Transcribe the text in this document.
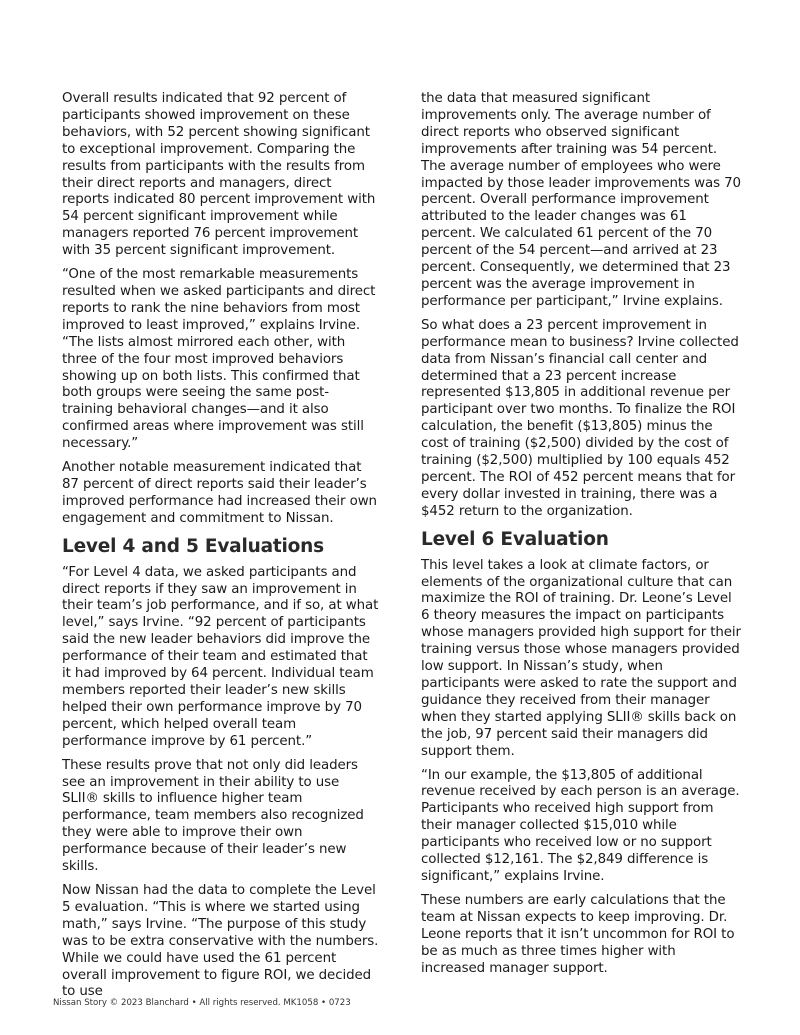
Overall results indicated that 92 percent of participants showed improvement on these behaviors, with 52 percent showing significant to exceptional improvement. Comparing the results from participants with the results from their direct reports and managers, direct reports indicated 80 percent improvement with 54 percent significant improvement while managers reported 76 percent improvement with 35 percent significant improvement.

“One of the most remarkable measurements resulted when we asked participants and direct reports to rank the nine behaviors from most improved to least improved,” explains Irvine. “The lists almost mirrored each other, with three of the four most improved behaviors showing up on both lists. This confirmed that both groups were seeing the same post-training behavioral changes—and it also confirmed areas where improvement was still necessary.”

Another notable measurement indicated that 87 percent of direct reports said their leader’s improved performance had increased their own engagement and commitment to Nissan.

Level 4 and 5 Evaluations

“For Level 4 data, we asked participants and direct reports if they saw an improvement in their team’s job performance, and if so, at what level,” says Irvine. “92 percent of participants said the new leader behaviors did improve the performance of their team and estimated that it had improved by 64 percent. Individual team members reported their leader’s new skills helped their own performance improve by 70 percent, which helped overall team performance improve by 61 percent.”

These results prove that not only did leaders see an improvement in their ability to use SLII® skills to influence higher team performance, team members also recognized they were able to improve their own performance because of their leader’s new skills.

Now Nissan had the data to complete the Level 5 evaluation. “This is where we started using math,” says Irvine. “The purpose of this study was to be extra conservative with the numbers. While we could have used the 61 percent overall improvement to figure ROI, we decided to use

the data that measured significant improvements only. The average number of direct reports who observed significant improvements after training was 54 percent. The average number of employees who were impacted by those leader improvements was 70 percent. Overall performance improvement attributed to the leader changes was 61 percent. We calculated 61 percent of the 70 percent of the 54 percent—and arrived at 23 percent. Consequently, we determined that 23 percent was the average improvement in performance per participant,” Irvine explains.

So what does a 23 percent improvement in performance mean to business? Irvine collected data from Nissan’s financial call center and determined that a 23 percent increase represented $13,805 in additional revenue per participant over two months. To finalize the ROI calculation, the benefit ($13,805) minus the cost of training ($2,500) divided by the cost of training ($2,500) multiplied by 100 equals 452 percent. The ROI of 452 percent means that for every dollar invested in training, there was a $452 return to the organization.

Level 6 Evaluation

This level takes a look at climate factors, or elements of the organizational culture that can maximize the ROI of training. Dr. Leone’s Level 6 theory measures the impact on participants whose managers provided high support for their training versus those whose managers provided low support. In Nissan’s study, when participants were asked to rate the support and guidance they received from their manager when they started applying SLII® skills back on the job, 97 percent said their managers did support them.

“In our example, the $13,805 of additional revenue received by each person is an average. Participants who received high support from their manager collected $15,010 while participants who received low or no support collected $12,161. The $2,849 difference is significant,” explains Irvine.

These numbers are early calculations that the team at Nissan expects to keep improving. Dr. Leone reports that it isn’t uncommon for ROI to be as much as three times higher with increased manager support.

Nissan Story © 2023 Blanchard • All rights reserved. MK1058 • 0723
